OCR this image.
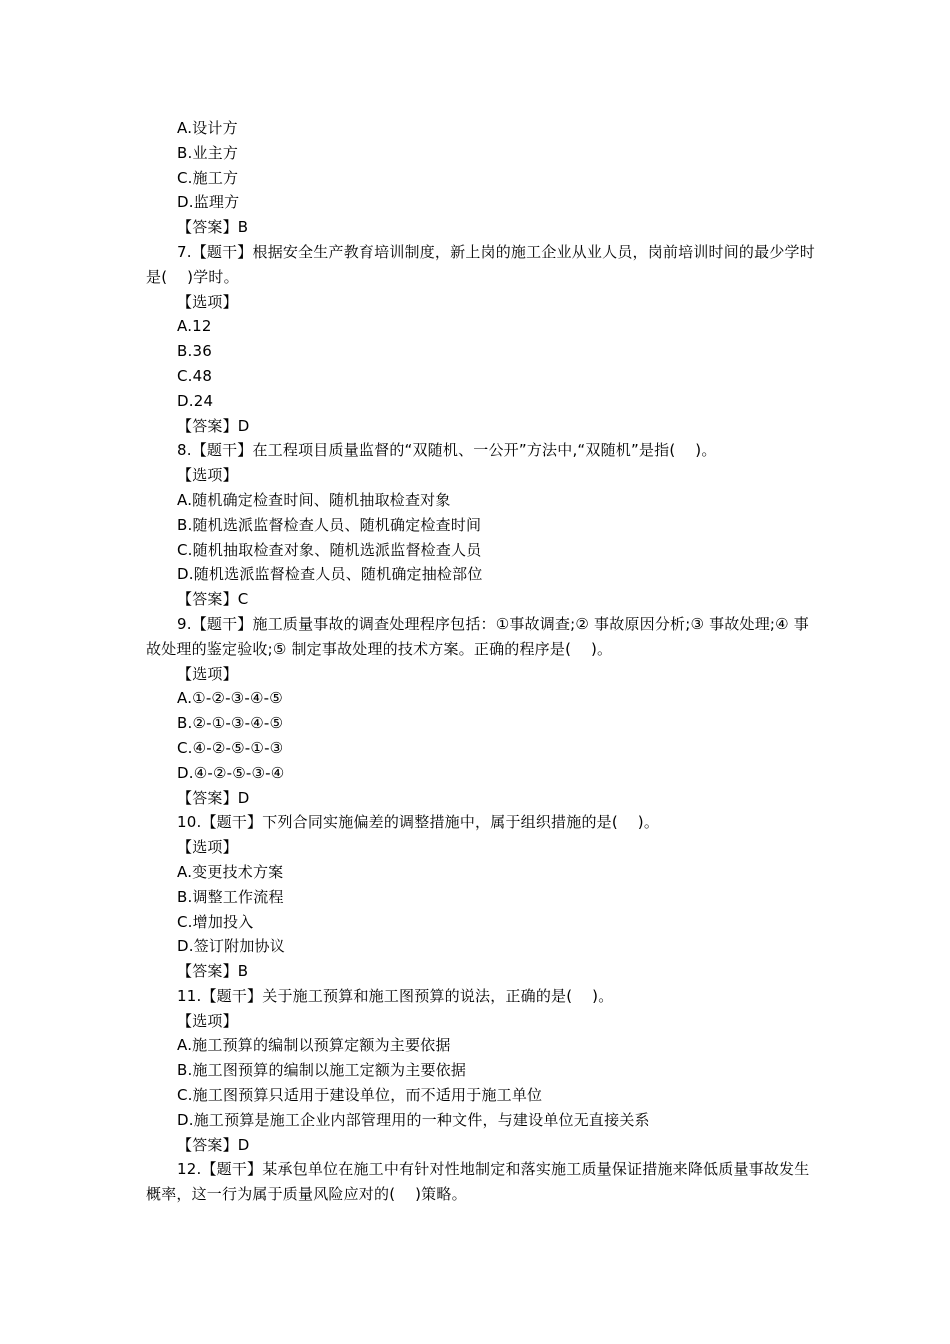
A.设计方
B.业主方
C.施工方
D.监理方
【答案】B
7.【题干】根据安全生产教育培训制度，新上岗的施工企业从业人员，岗前培训时间的最少学时是(    )学时。
【选项】
A.12
B.36
C.48
D.24
【答案】D
8.【题干】在工程项目质量监督的“双随机、一公开”方法中,“双随机”是指(    )。
【选项】
A.随机确定检查时间、随机抽取检查对象
B.随机选派监督检查人员、随机确定检查时间
C.随机抽取检查对象、随机选派监督检查人员
D.随机选派监督检查人员、随机确定抽检部位
【答案】C
9.【题干】施工质量事故的调查处理程序包括：①事故调查;② 事故原因分析;③ 事故处理;④ 事故处理的鉴定验收;⑤ 制定事故处理的技术方案。正确的程序是(    )。
【选项】
A.①-②-③-④-⑤
B.②-①-③-④-⑤
C.④-②-⑤-①-③
D.④-②-⑤-③-④
【答案】D
10.【题干】下列合同实施偏差的调整措施中，属于组织措施的是(    )。
【选项】
A.变更技术方案
B.调整工作流程
C.增加投入
D.签订附加协议
【答案】B
11.【题干】关于施工预算和施工图预算的说法，正确的是(    )。
【选项】
A.施工预算的编制以预算定额为主要依据
B.施工图预算的编制以施工定额为主要依据
C.施工图预算只适用于建设单位，而不适用于施工单位
D.施工预算是施工企业内部管理用的一种文件，与建设单位无直接关系
【答案】D
12.【题干】某承包单位在施工中有针对性地制定和落实施工质量保证措施来降低质量事故发生概率，这一行为属于质量风险应对的(    )策略。
